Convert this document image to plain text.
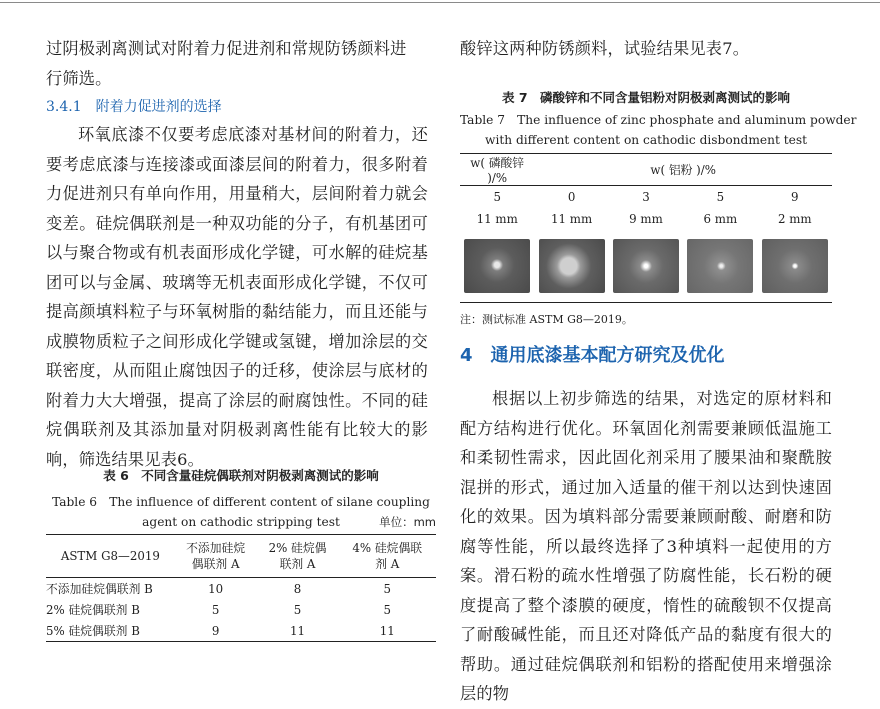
过阴极剥离测试对附着力促进剂和常规防锈颜料进

行筛选。

3.4.1　附着力促进剂的选择

环氧底漆不仅要考虑底漆对基材间的附着力，还要考虑底漆与连接漆或面漆层间的附着力，很多附着力促进剂只有单向作用，用量稍大，层间附着力就会变差。硅烷偶联剂是一种双功能的分子，有机基团可以与聚合物或有机表面形成化学键，可水解的硅烷基团可以与金属、玻璃等无机表面形成化学键，不仅可提高颜填料粒子与环氧树脂的黏结能力，而且还能与成膜物质粒子之间形成化学键或氢键，增加涂层的交联密度，从而阻止腐蚀因子的迁移，使涂层与底材的附着力大大增强，提高了涂层的耐腐蚀性。不同的硅烷偶联剂及其添加量对阴极剥离性能有比较大的影响，筛选结果见表6。

表 6　不同含量硅烷偶联剂对阴极剥离测试的影响

Table 6　The influence of different content of silane coupling

agent on cathodic stripping test	单位：mm
ASTM G8—2019	不添加硅烷偶联剂 A	2% 硅烷偶联剂 A	4% 硅烷偶联剂 A
不添加硅烷偶联剂 B	10	8	5
2% 硅烷偶联剂 B	5	5	5
5% 硅烷偶联剂 B	9	11	11

酸锌这两种防锈颜料，试验结果见表7。

表 7　磷酸锌和不同含量铝粉对阴极剥离测试的影响

Table 7　The influence of zinc phosphate and aluminum powder

with different content on cathodic disbondment test

w( 磷酸锌 )/%	w( 铝粉 )/%			
5	0	3	5	9
11 mm	11 mm	9 mm	6 mm	2 mm

注：测试标准 ASTM G8—2019。

4　通用底漆基本配方研究及优化

根据以上初步筛选的结果，对选定的原材料和配方结构进行优化。环氧固化剂需要兼顾低温施工和柔韧性需求，因此固化剂采用了腰果油和聚酰胺混拼的形式，通过加入适量的催干剂以达到快速固化的效果。因为填料部分需要兼顾耐酸、耐磨和防腐等性能，所以最终选择了3种填料一起使用的方案。滑石粉的疏水性增强了防腐性能，长石粉的硬度提高了整个漆膜的硬度，惰性的硫酸钡不仅提高了耐酸碱性能，而且还对降低产品的黏度有很大的帮助。通过硅烷偶联剂和铝粉的搭配使用来增强涂层的物
